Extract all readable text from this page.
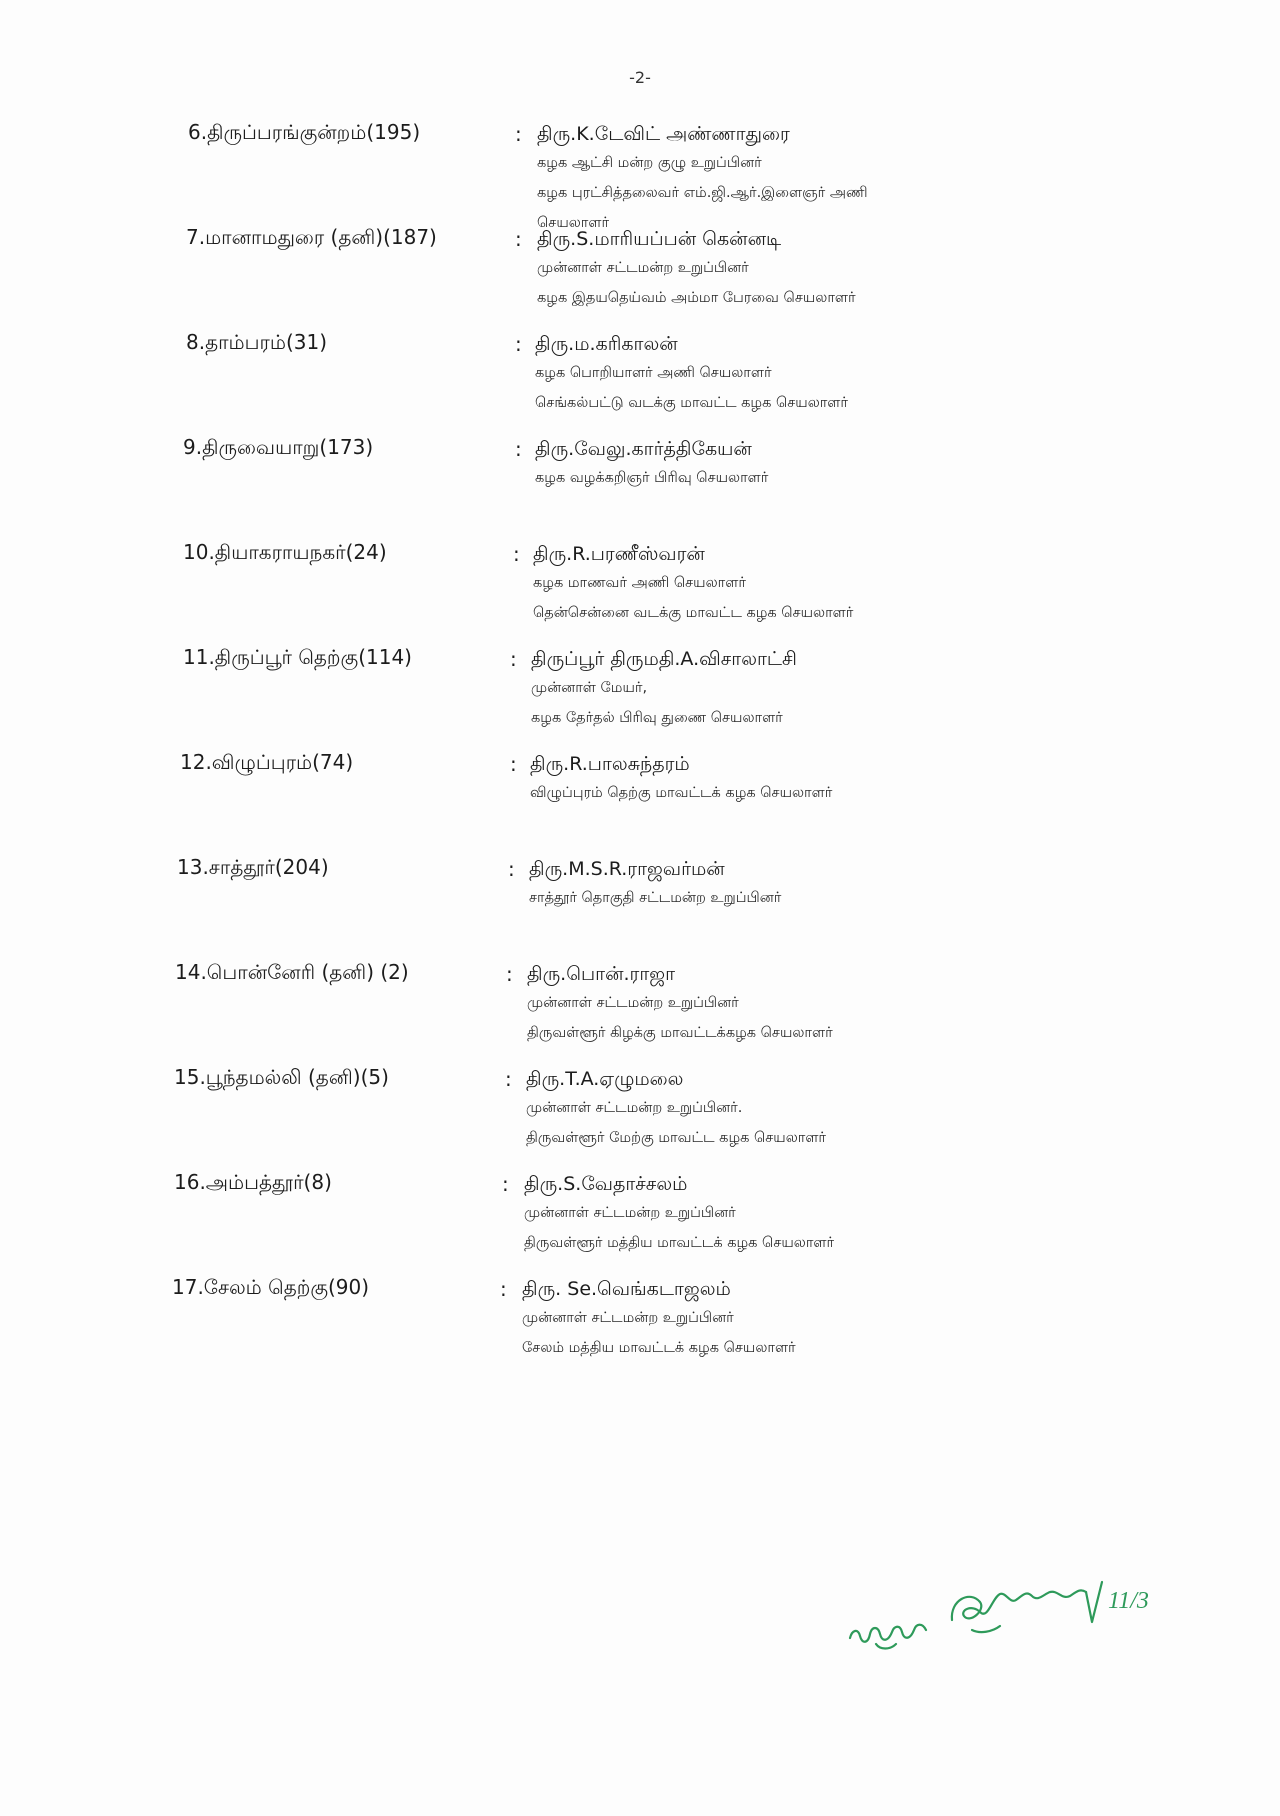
-2-
6.திருப்பரங்குன்றம்(195)	: திரு.K.டேவிட் அண்ணாதுரை
கழக ஆட்சி மன்ற குழு உறுப்பினர்
கழக புரட்சித்தலைவர் எம்.ஜி.ஆர்.இளைஞர் அணி
செயலாளர்
7.மானாமதுரை (தனி)(187)	: திரு.S.மாரியப்பன் கென்னடி
முன்னாள் சட்டமன்ற உறுப்பினர்
கழக இதயதெய்வம் அம்மா பேரவை செயலாளர்
8.தாம்பரம்(31)	: திரு.ம.கரிகாலன்
கழக பொறியாளர் அணி செயலாளர்
செங்கல்பட்டு வடக்கு மாவட்ட கழக செயலாளர்
9.திருவையாறு(173)	: திரு.வேலு.கார்த்திகேயன்
கழக வழக்கறிஞர் பிரிவு செயலாளர்
10.தியாகராயநகர்(24)	: திரு.R.பரணீஸ்வரன்
கழக மாணவர் அணி செயலாளர்
தென்சென்னை வடக்கு மாவட்ட கழக செயலாளர்
11.திருப்பூர் தெற்கு(114)	: திருப்பூர் திருமதி.A.விசாலாட்சி
முன்னாள் மேயர்,
கழக தேர்தல் பிரிவு துணை செயலாளர்
12.விழுப்புரம்(74)	: திரு.R.பாலசுந்தரம்
விழுப்புரம் தெற்கு மாவட்டக் கழக செயலாளர்
13.சாத்தூர்(204)	: திரு.M.S.R.ராஜவர்மன்
சாத்தூர் தொகுதி சட்டமன்ற உறுப்பினர்
14.பொன்னேரி (தனி) (2)	: திரு.பொன்.ராஜா
முன்னாள் சட்டமன்ற உறுப்பினர்
திருவள்ளூர் கிழக்கு மாவட்டக்கழக செயலாளர்
15.பூந்தமல்லி (தனி)(5)	: திரு.T.A.ஏழுமலை
முன்னாள் சட்டமன்ற உறுப்பினர்.
திருவள்ளூர் மேற்கு மாவட்ட கழக செயலாளர்
16.அம்பத்தூர்(8)	: திரு.S.வேதாச்சலம்
முன்னாள் சட்டமன்ற உறுப்பினர்
திருவள்ளூர் மத்திய மாவட்டக் கழக செயலாளர்
17.சேலம் தெற்கு(90)	: திரு. Se.வெங்கடாஜலம்
முன்னாள் சட்டமன்ற உறுப்பினர்
சேலம் மத்திய மாவட்டக் கழக செயலாளர்
11/3
